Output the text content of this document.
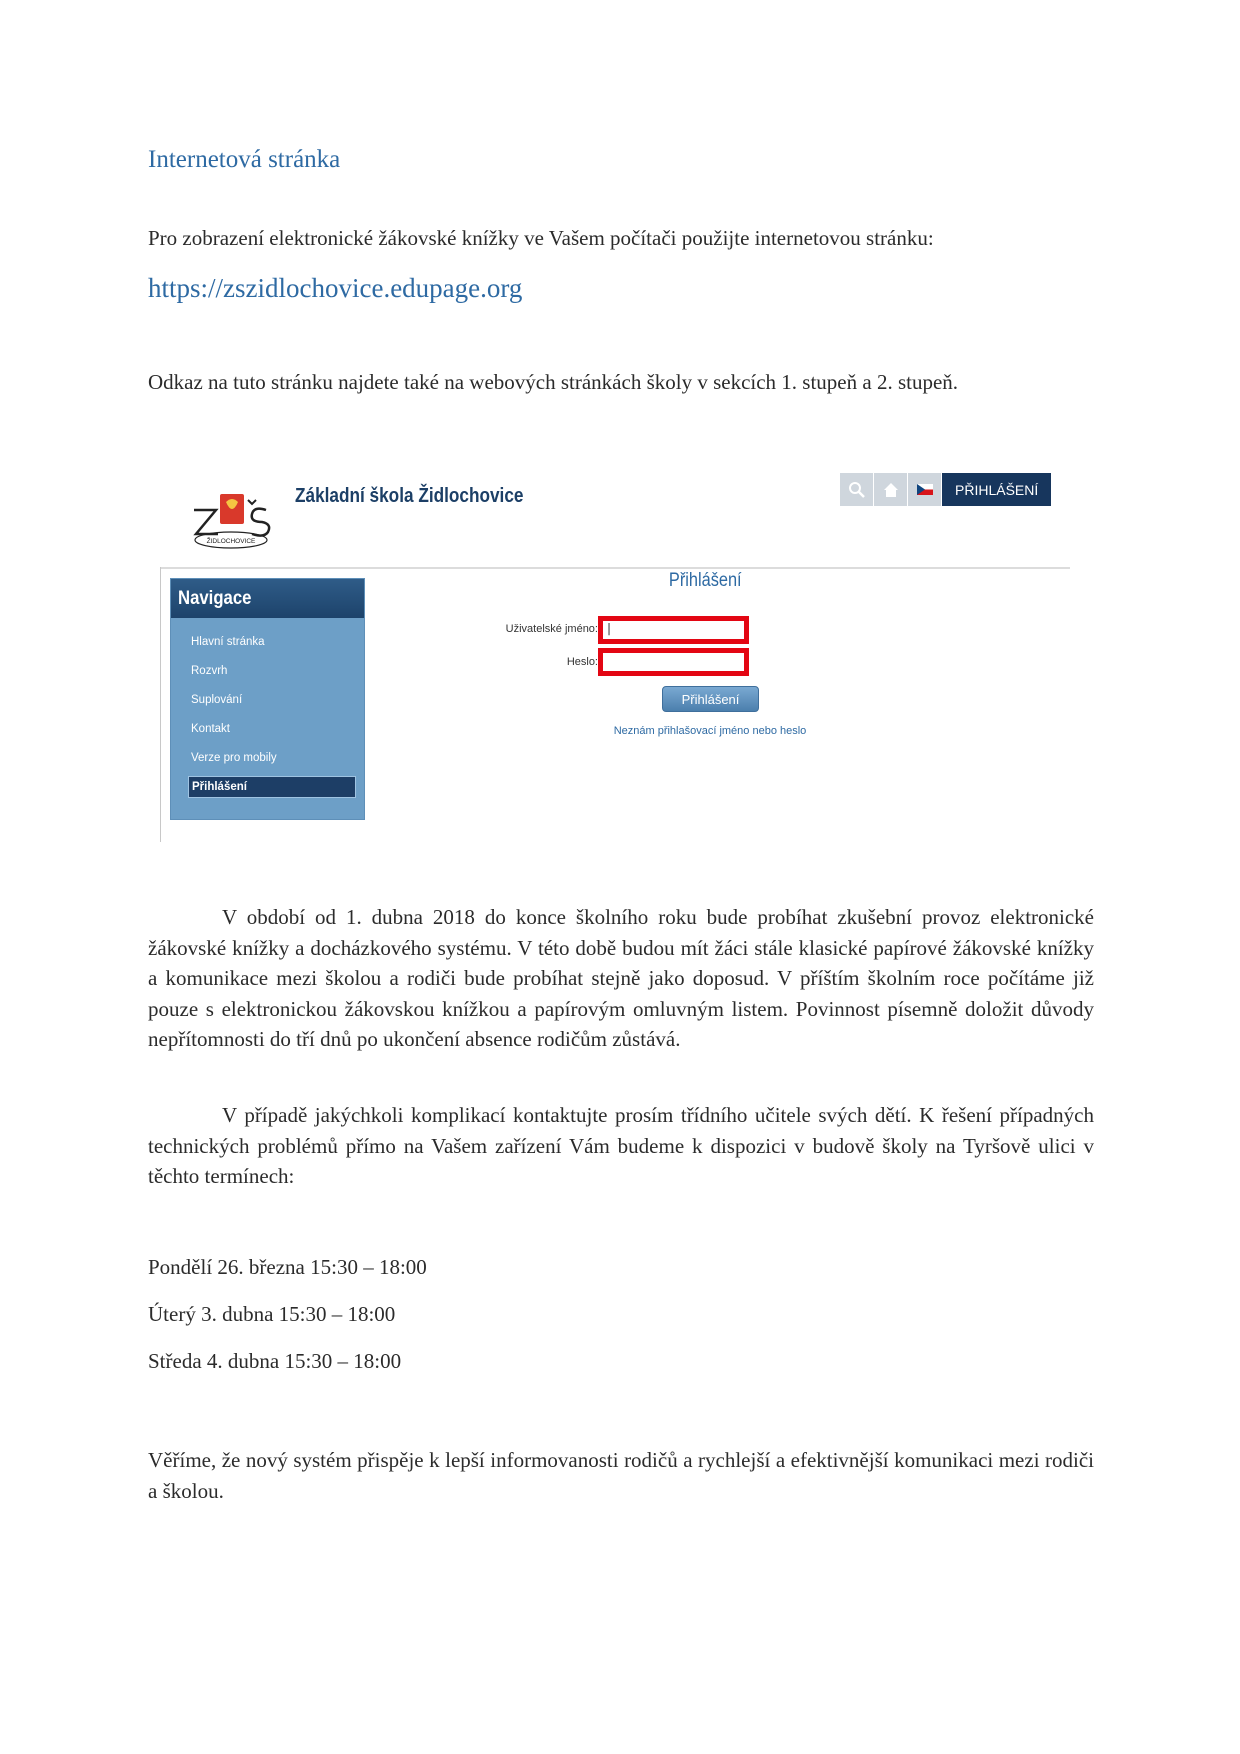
Internetová stránka

Pro zobrazení elektronické žákovské knížky ve Vašem počítači použijte internetovou stránku:

https://zszidlochovice.edupage.org

Odkaz na tuto stránku najdete také na webových stránkách školy v sekcích 1. stupeň a 2. stupeň.

ŽIDLOCHOVICE
Základní škola Židlochovice	PŘIHLÁŠENÍ
Navigace
Hlavní stránka
Rozvrh
Suplování
Kontakt
Verze pro mobily
Přihlášení
Přihlášení
Uživatelské jméno: |
Heslo:
Přihlášení
Neznám přihlašovací jméno nebo heslo

V období od 1. dubna 2018 do konce školního roku bude probíhat zkušební provoz elektronické žákovské knížky a docházkového systému. V této době budou mít žáci stále klasické papírové žákovské knížky a komunikace mezi školou a rodiči bude probíhat stejně jako doposud. V příštím školním roce počítáme již pouze s elektronickou žákovskou knížkou a papírovým omluvným listem. Povinnost písemně doložit důvody nepřítomnosti do tří dnů po ukončení absence rodičům zůstává.

V případě jakýchkoli komplikací kontaktujte prosím třídního učitele svých dětí. K řešení případných technických problémů přímo na Vašem zařízení Vám budeme k dispozici v budově školy na Tyršově ulici v těchto termínech:

Pondělí 26. března 15:30 – 18:00
Úterý 3. dubna 15:30 – 18:00
Středa 4. dubna 15:30 – 18:00

Věříme, že nový systém přispěje k lepší informovanosti rodičů a rychlejší a efektivnější komunikaci mezi rodiči a školou.
